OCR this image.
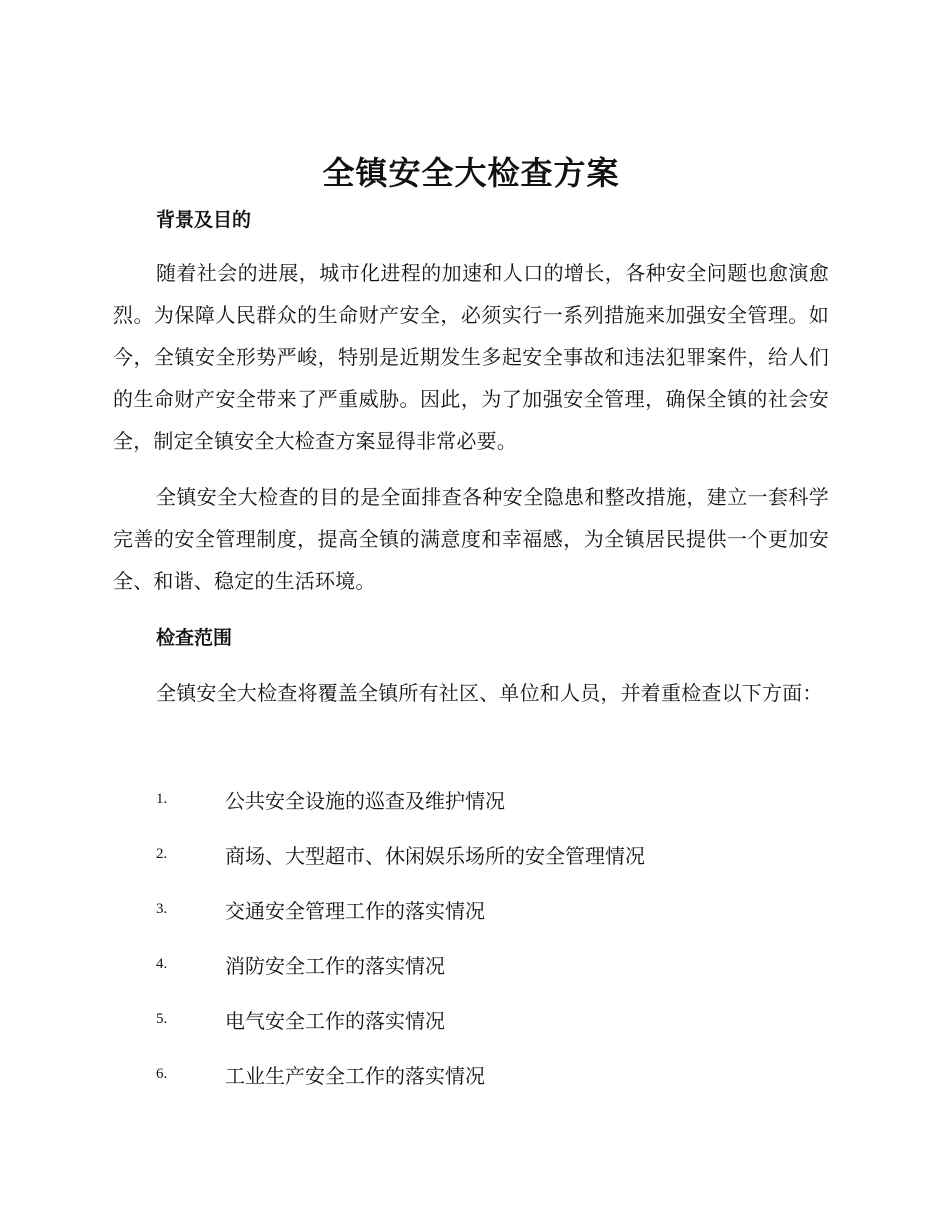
全镇安全大检查方案
背景及目的

随着社会的进展，城市化进程的加速和人口的增长，各种安全问题也愈演愈烈。为保障人民群众的生命财产安全，必须实行一系列措施来加强安全管理。如今，全镇安全形势严峻，特别是近期发生多起安全事故和违法犯罪案件，给人们的生命财产安全带来了严重威胁。因此，为了加强安全管理，确保全镇的社会安全，制定全镇安全大检查方案显得非常必要。

全镇安全大检查的目的是全面排查各种安全隐患和整改措施，建立一套科学完善的安全管理制度，提高全镇的满意度和幸福感，为全镇居民提供一个更加安全、和谐、稳定的生活环境。

检查范围

全镇安全大检查将覆盖全镇所有社区、单位和人员，并着重检查以下方面：

1.	公共安全设施的巡查及维护情况
2.	商场、大型超市、休闲娱乐场所的安全管理情况
3.	交通安全管理工作的落实情况
4.	消防安全工作的落实情况
5.	电气安全工作的落实情况
6.	工业生产安全工作的落实情况
